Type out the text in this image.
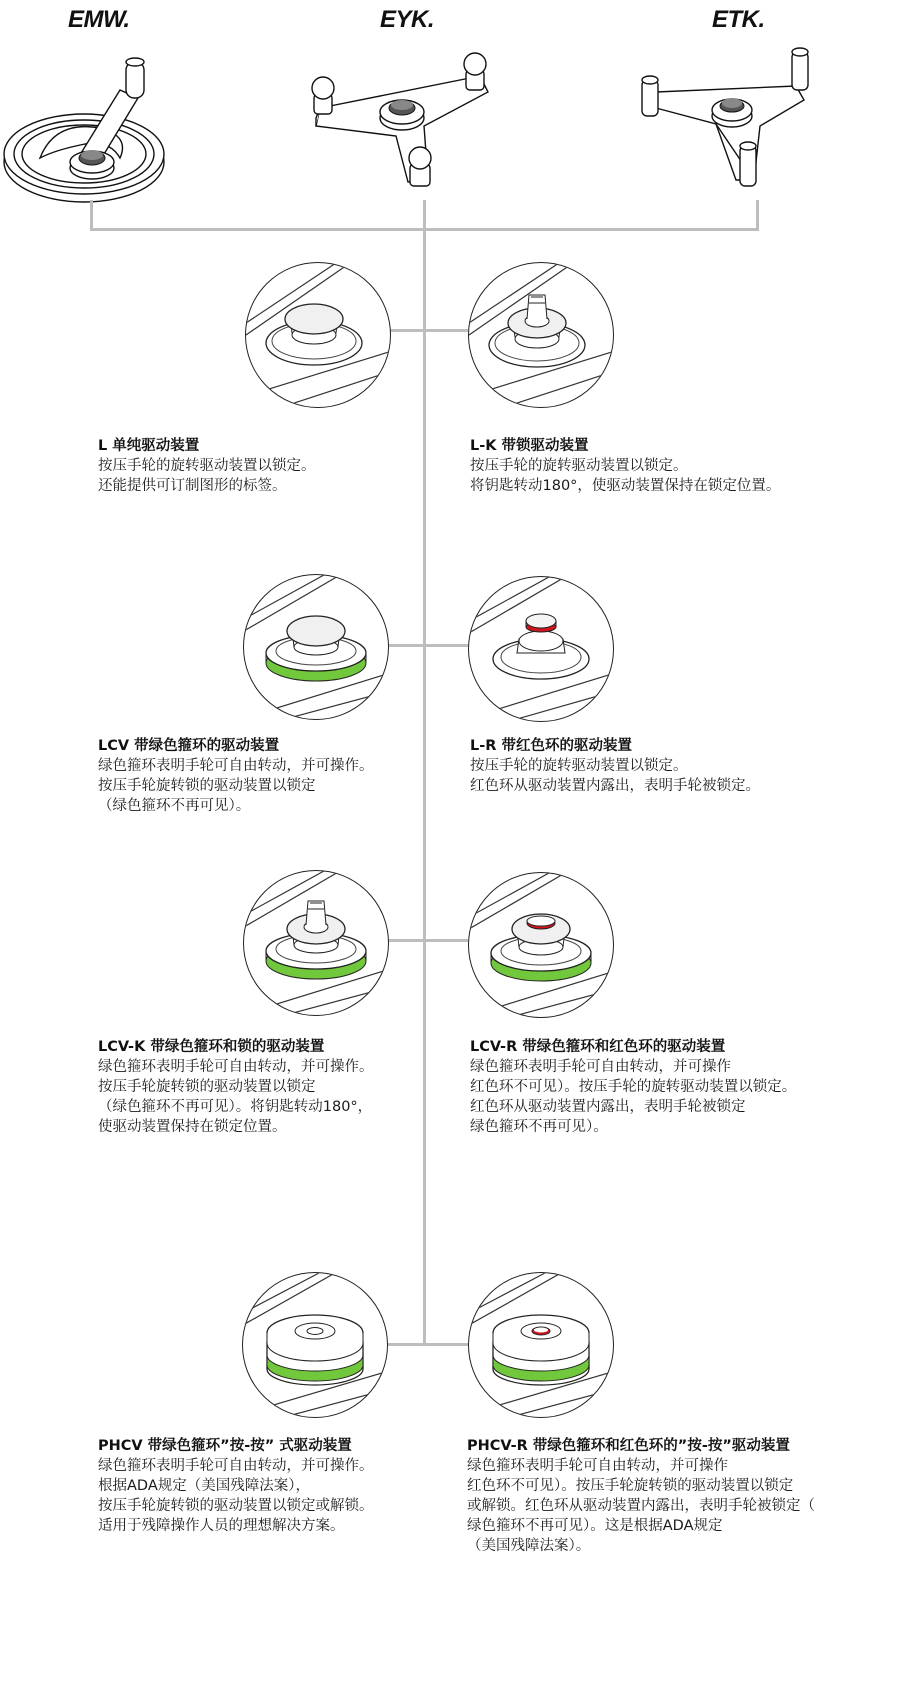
EMW.	EYK.	ETK.
L 单纯驱动装置
按压手轮的旋转驱动装置以锁定。
还能提供可订制图形的标签。
L-K 带锁驱动装置
按压手轮的旋转驱动装置以锁定。
将钥匙转动180°，使驱动装置保持在锁定位置。
LCV 带绿色箍环的驱动装置
绿色箍环表明手轮可自由转动，并可操作。
按压手轮旋转锁的驱动装置以锁定
（绿色箍环不再可见）。
L-R 带红色环的驱动装置
按压手轮的旋转驱动装置以锁定。
红色环从驱动装置内露出，表明手轮被锁定。
LCV-K 带绿色箍环和锁的驱动装置
绿色箍环表明手轮可自由转动，并可操作。
按压手轮旋转锁的驱动装置以锁定
（绿色箍环不再可见）。将钥匙转动180°，
使驱动装置保持在锁定位置。
LCV-R 带绿色箍环和红色环的驱动装置
绿色箍环表明手轮可自由转动，并可操作
红色环不可见）。按压手轮的旋转驱动装置以锁定。
红色环从驱动装置内露出，表明手轮被锁定
绿色箍环不再可见）。
PHCV 带绿色箍环”按-按” 式驱动装置
绿色箍环表明手轮可自由转动，并可操作。
根据ADA规定（美国残障法案），
按压手轮旋转锁的驱动装置以锁定或解锁。
适用于残障操作人员的理想解决方案。
PHCV-R 带绿色箍环和红色环的”按-按”驱动装置
绿色箍环表明手轮可自由转动，并可操作
红色环不可见）。按压手轮旋转锁的驱动装置以锁定
或解锁。红色环从驱动装置内露出，表明手轮被锁定（
绿色箍环不再可见）。这是根据ADA规定
（美国残障法案）。
